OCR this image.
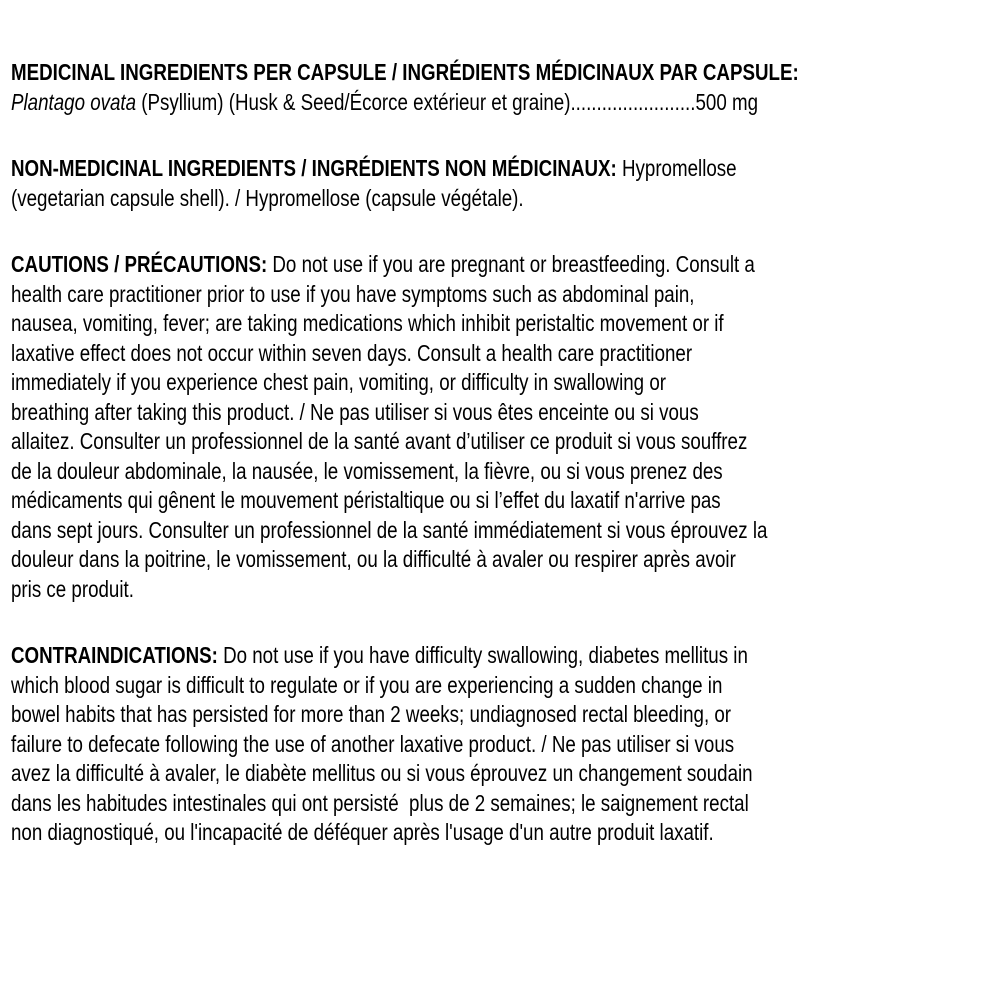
MEDICINAL INGREDIENTS PER CAPSULE / INGRÉDIENTS MÉDICINAUX PAR CAPSULE:
Plantago ovata (Psyllium) (Husk & Seed/Écorce extérieur et graine)........................500 mg
NON-MEDICINAL INGREDIENTS / INGRÉDIENTS NON MÉDICINAUX: Hypromellose
(vegetarian capsule shell). / Hypromellose (capsule végétale).
CAUTIONS / PRÉCAUTIONS: Do not use if you are pregnant or breastfeeding. Consult a
health care practitioner prior to use if you have symptoms such as abdominal pain,
nausea, vomiting, fever; are taking medications which inhibit peristaltic movement or if
laxative effect does not occur within seven days. Consult a health care practitioner
immediately if you experience chest pain, vomiting, or difficulty in swallowing or
breathing after taking this product. / Ne pas utiliser si vous êtes enceinte ou si vous
allaitez. Consulter un professionnel de la santé avant d’utiliser ce produit si vous souffrez
de la douleur abdominale, la nausée, le vomissement, la fièvre, ou si vous prenez des
médicaments qui gênent le mouvement péristaltique ou si l’effet du laxatif n'arrive pas
dans sept jours. Consulter un professionnel de la santé immédiatement si vous éprouvez la
douleur dans la poitrine, le vomissement, ou la difficulté à avaler ou respirer après avoir
pris ce produit.
CONTRAINDICATIONS: Do not use if you have difficulty swallowing, diabetes mellitus in
which blood sugar is difficult to regulate or if you are experiencing a sudden change in
bowel habits that has persisted for more than 2 weeks; undiagnosed rectal bleeding, or
failure to defecate following the use of another laxative product. / Ne pas utiliser si vous
avez la difficulté à avaler, le diabète mellitus ou si vous éprouvez un changement soudain
dans les habitudes intestinales qui ont persisté  plus de 2 semaines; le saignement rectal
non diagnostiqué, ou l'incapacité de déféquer après l'usage d'un autre produit laxatif.
